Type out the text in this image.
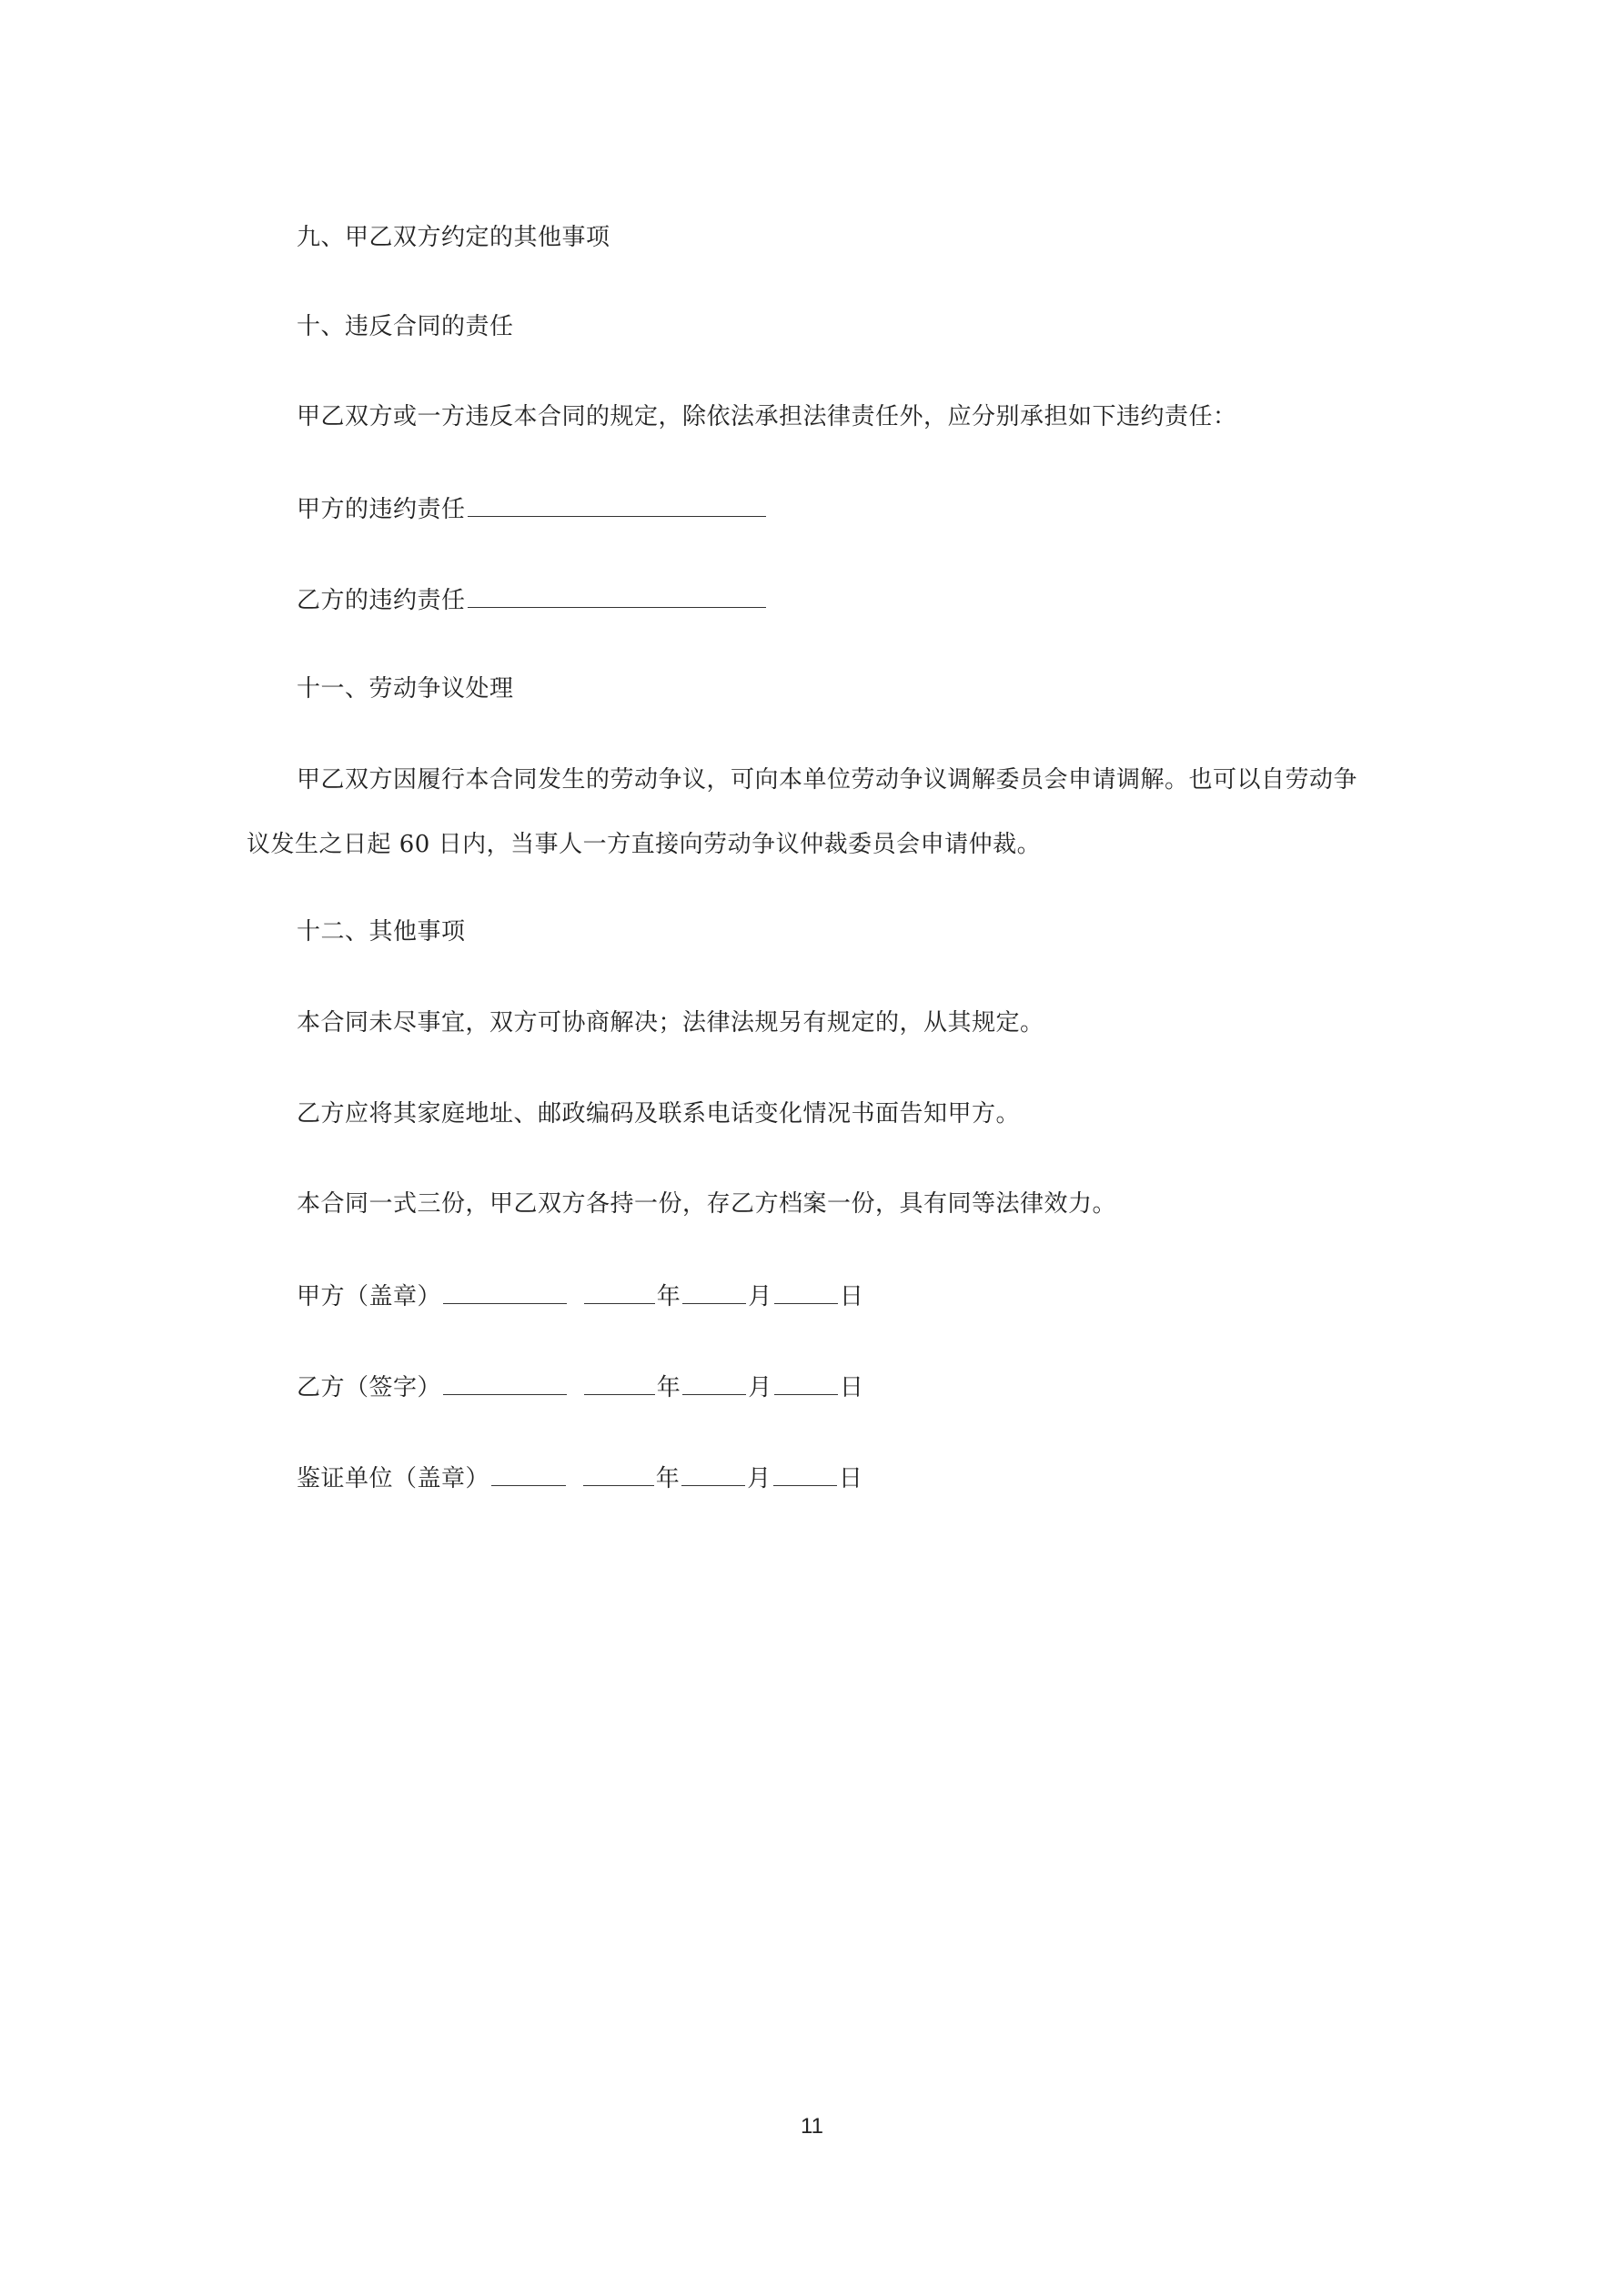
九、甲乙双方约定的其他事项
十、违反合同的责任
甲乙双方或一方违反本合同的规定，除依法承担法律责任外，应分别承担如下违约责任：
甲方的违约责任
乙方的违约责任
十一、劳动争议处理
甲乙双方因履行本合同发生的劳动争议，可向本单位劳动争议调解委员会申请调解。也可以自劳动争
议发生之日起 60 日内，当事人一方直接向劳动争议仲裁委员会申请仲裁。
十二、其他事项
本合同未尽事宜，双方可协商解决；法律法规另有规定的，从其规定。
乙方应将其家庭地址、邮政编码及联系电话变化情况书面告知甲方。
本合同一式三份，甲乙双方各持一份，存乙方档案一份，具有同等法律效力。
甲方（盖章）	年	月	日
乙方（签字）	年	月	日
鉴证单位（盖章）	年	月	日
11
